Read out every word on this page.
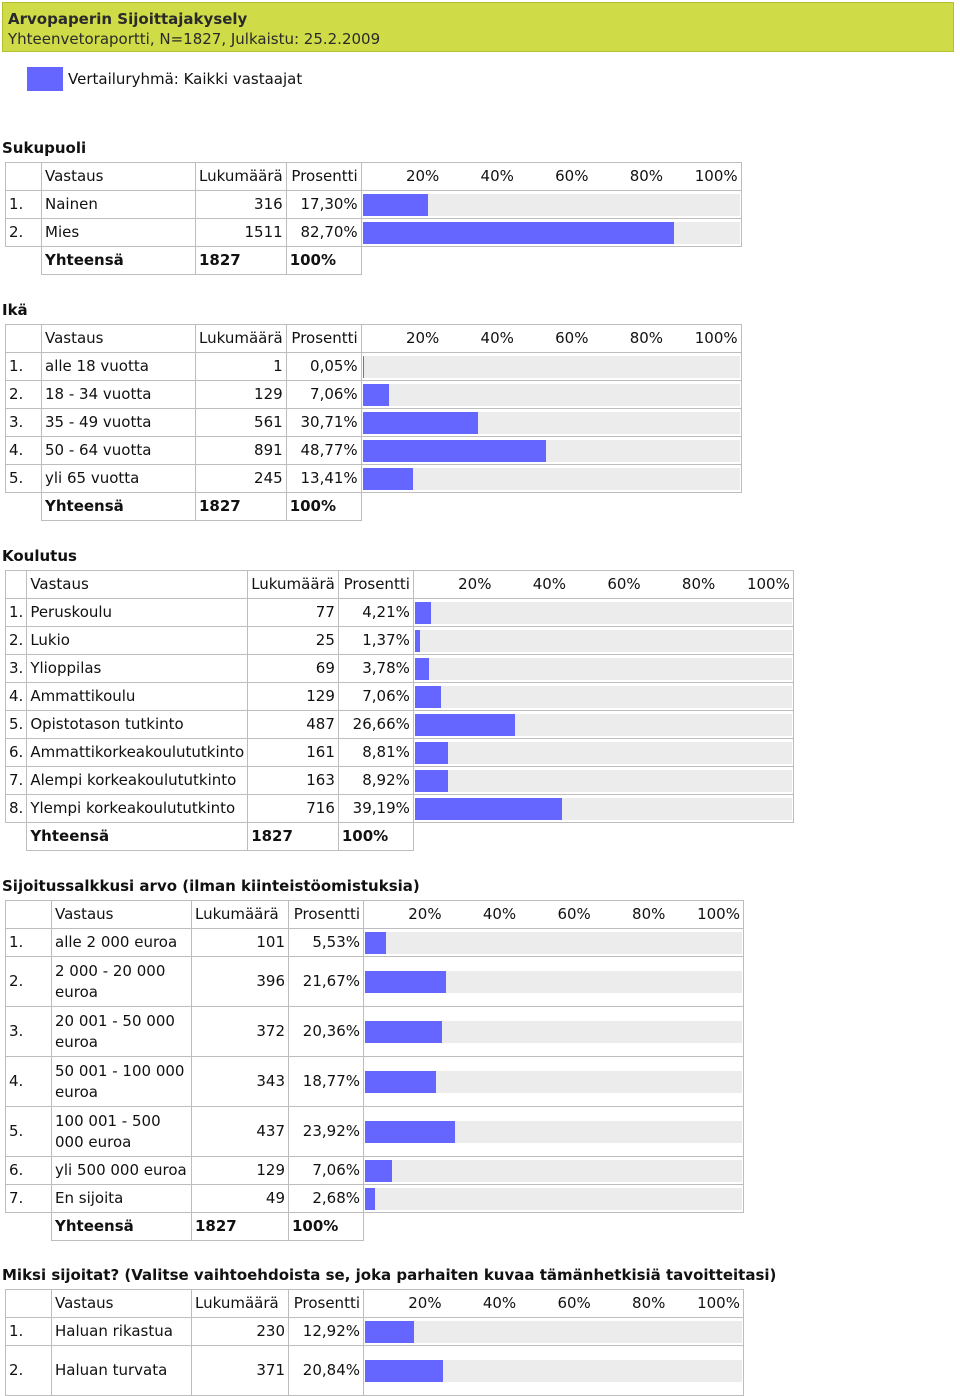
Arvopaperin Sijoittajakysely
Yhteenvetoraportti, N=1827, Julkaistu: 25.2.2009
Vertailuryhmä: Kaikki vastaajat
Sukupuoli
	Vastaus	Lukumäärä	Prosentti	20% 40% 60% 80% 100%

1.	Nainen	316	17,30%	

2.	Mies	1511	82,70%	

	Yhteensä	1827	100%	
Ikä
	Vastaus	Lukumäärä	Prosentti	20% 40% 60% 80% 100%

1.	alle 18 vuotta	1	0,05%	

2.	18 - 34 vuotta	129	7,06%	

3.	35 - 49 vuotta	561	30,71%	

4.	50 - 64 vuotta	891	48,77%	

5.	yli 65 vuotta	245	13,41%	

	Yhteensä	1827	100%	
Koulutus
	Vastaus	Lukumäärä	Prosentti	20% 40% 60% 80% 100%

1.	Peruskoulu	77	4,21%	

2.	Lukio	25	1,37%	

3.	Ylioppilas	69	3,78%	

4.	Ammattikoulu	129	7,06%	

5.	Opistotason tutkinto	487	26,66%	

6.	Ammattikorkeakoulututkinto	161	8,81%	

7.	Alempi korkeakoulututkinto	163	8,92%	

8.	Ylempi korkeakoulututkinto	716	39,19%	

	Yhteensä	1827	100%	
Sijoitussalkkusi arvo (ilman kiinteistöomistuksia)
	Vastaus	Lukumäärä	Prosentti	20% 40% 60% 80% 100%

1.	alle 2 000 euroa	101	5,53%	

2.	2 000 - 20 000 euroa	396	21,67%	

3.	20 001 - 50 000 euroa	372	20,36%	

4.	50 001 - 100 000 euroa	343	18,77%	

5.	100 001 - 500 000 euroa	437	23,92%	

6.	yli 500 000 euroa	129	7,06%	

7.	En sijoita	49	2,68%	

	Yhteensä	1827	100%	
Miksi sijoitat? (Valitse vaihtoehdoista se, joka parhaiten kuvaa tämänhetkisiä tavoitteitasi)
	Vastaus	Lukumäärä	Prosentti	20% 40% 60% 80% 100%

1.	Haluan rikastua	230	12,92%	

2.	Haluan turvata	371	20,84%	
